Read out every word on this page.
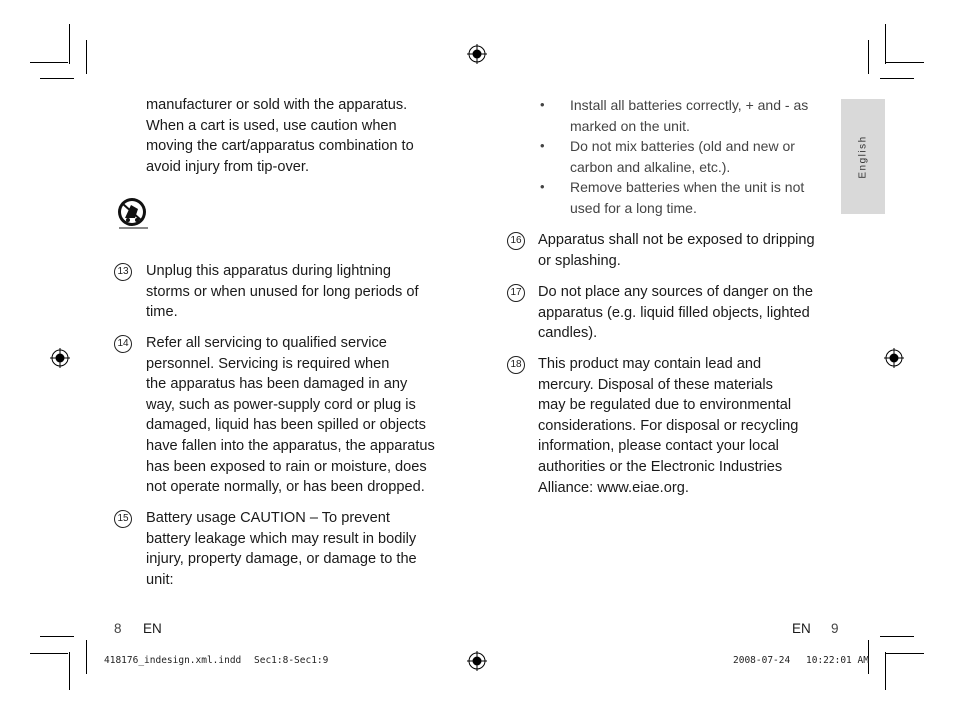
manufacturer or sold with the apparatus.
When a cart is used, use caution when
moving the cart/apparatus combination to
avoid injury from tip-over.
13 Unplug this apparatus during lightning
storms or when unused for long periods of
time.
14 Refer all servicing to qualified service
personnel. Servicing is required when
the apparatus has been damaged in any
way, such as power-supply cord or plug is
damaged, liquid has been spilled or objects
have fallen into the apparatus, the apparatus
has been exposed to rain or moisture, does
not operate normally, or has been dropped.
15 Battery usage CAUTION – To prevent
battery leakage which may result in bodily
injury, property damage, or damage to the
unit:
• Install all batteries correctly, + and - as
marked on the unit.
• Do not mix batteries (old and new or
carbon and alkaline, etc.).
• Remove batteries when the unit is not
used for a long time.
16 Apparatus shall not be exposed to dripping
or splashing.
17 Do not place any sources of danger on the
apparatus (e.g. liquid filled objects, lighted
candles).
18 This product may contain lead and
mercury. Disposal of these materials
may be regulated due to environmental
considerations. For disposal or recycling
information, please contact your local
authorities or the Electronic Industries
Alliance: www.eiae.org.
English
8 EN	EN 9
418176_indesign.xml.indd Sec1:8-Sec1:9	2008-07-24 10:22:01 AM
